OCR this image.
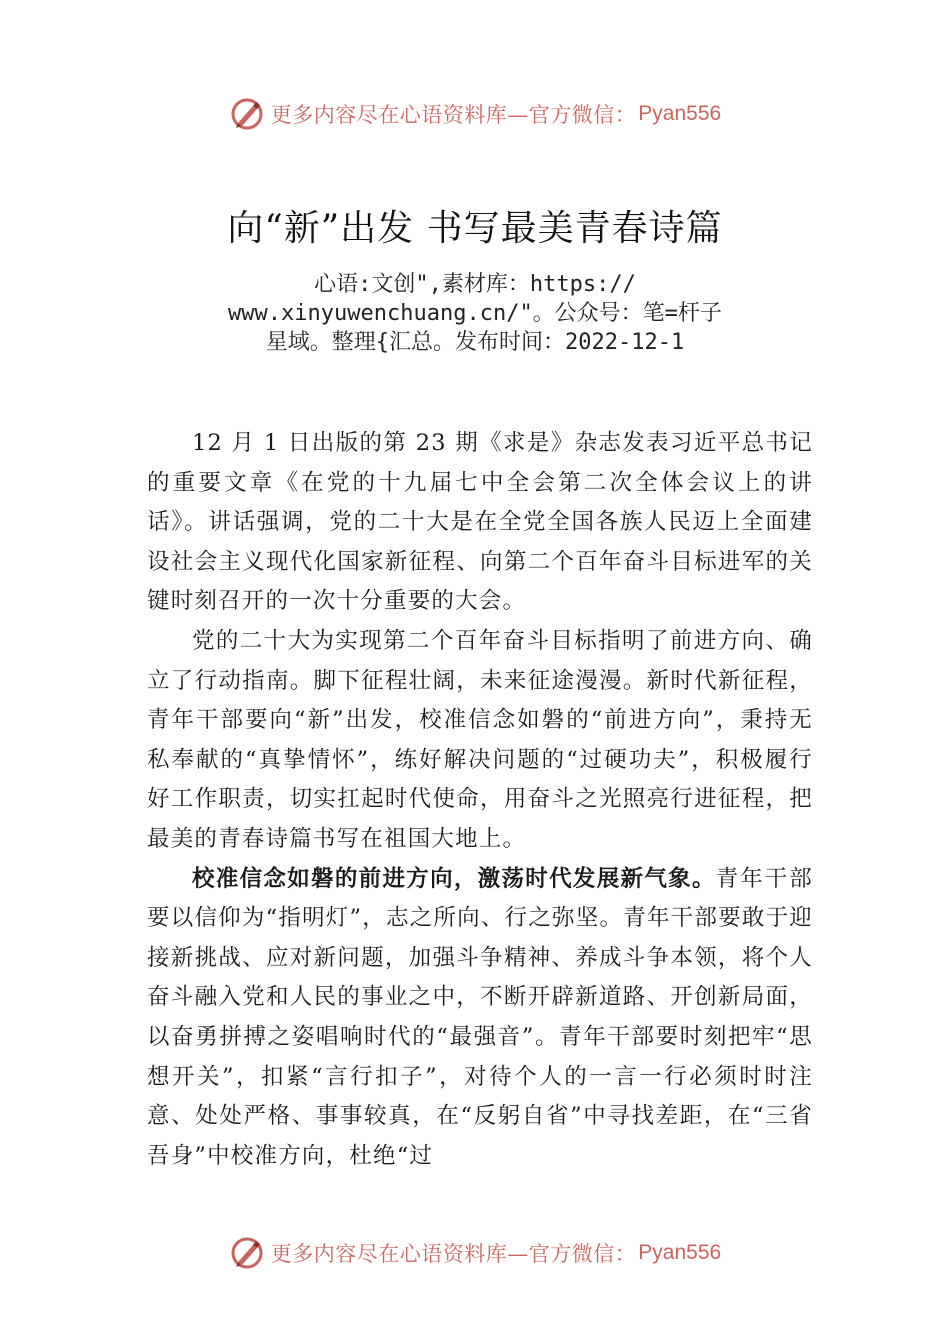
更多内容尽在心语资料库—官方微信： Pyan556
向“新”出发 书写最美青春诗篇
心语:文创",素材库：https://
www.xinyuwenchuang.cn/"。公众号：笔=杆子
星域。整理{汇总。发布时间：2022-12-1

12 月 1 日出版的第 23 期《求是》杂志发表习近平总书记的重要文章《在党的十九届七中全会第二次全体会议上的讲话》。讲话强调，党的二十大是在全党全国各族人民迈上全面建设社会主义现代化国家新征程、向第二个百年奋斗目标进军的关键时刻召开的一次十分重要的大会。

党的二十大为实现第二个百年奋斗目标指明了前进方向、确立了行动指南。脚下征程壮阔，未来征途漫漫。新时代新征程，青年干部要向“新”出发，校准信念如磐的“前进方向”，秉持无私奉献的“真挚情怀”，练好解决问题的“过硬功夫”，积极履行好工作职责，切实扛起时代使命，用奋斗之光照亮行进征程，把最美的青春诗篇书写在祖国大地上。

校准信念如磐的前进方向，激荡时代发展新气象。青年干部要以信仰为“指明灯”，志之所向、行之弥坚。青年干部要敢于迎接新挑战、应对新问题，加强斗争精神、养成斗争本领，将个人奋斗融入党和人民的事业之中，不断开辟新道路、开创新局面，以奋勇拼搏之姿唱响时代的“最强音”。青年干部要时刻把牢“思想开关”，扣紧“言行扣子”，对待个人的一言一行必须时时注意、处处严格、事事较真，在“反躬自省”中寻找差距，在“三省吾身”中校准方向，杜绝“过

更多内容尽在心语资料库—官方微信： Pyan556
